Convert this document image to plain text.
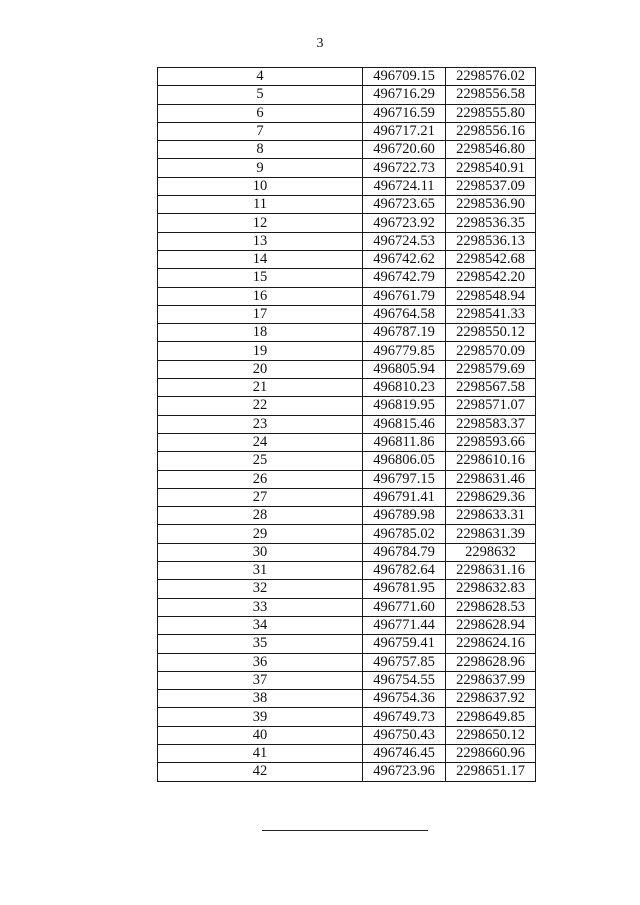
3
4	496709.15	2298576.02
5	496716.29	2298556.58
6	496716.59	2298555.80
7	496717.21	2298556.16
8	496720.60	2298546.80
9	496722.73	2298540.91
10	496724.11	2298537.09
11	496723.65	2298536.90
12	496723.92	2298536.35
13	496724.53	2298536.13
14	496742.62	2298542.68
15	496742.79	2298542.20
16	496761.79	2298548.94
17	496764.58	2298541.33
18	496787.19	2298550.12
19	496779.85	2298570.09
20	496805.94	2298579.69
21	496810.23	2298567.58
22	496819.95	2298571.07
23	496815.46	2298583.37
24	496811.86	2298593.66
25	496806.05	2298610.16
26	496797.15	2298631.46
27	496791.41	2298629.36
28	496789.98	2298633.31
29	496785.02	2298631.39
30	496784.79	2298632
31	496782.64	2298631.16
32	496781.95	2298632.83
33	496771.60	2298628.53
34	496771.44	2298628.94
35	496759.41	2298624.16
36	496757.85	2298628.96
37	496754.55	2298637.99
38	496754.36	2298637.92
39	496749.73	2298649.85
40	496750.43	2298650.12
41	496746.45	2298660.96
42	496723.96	2298651.17
